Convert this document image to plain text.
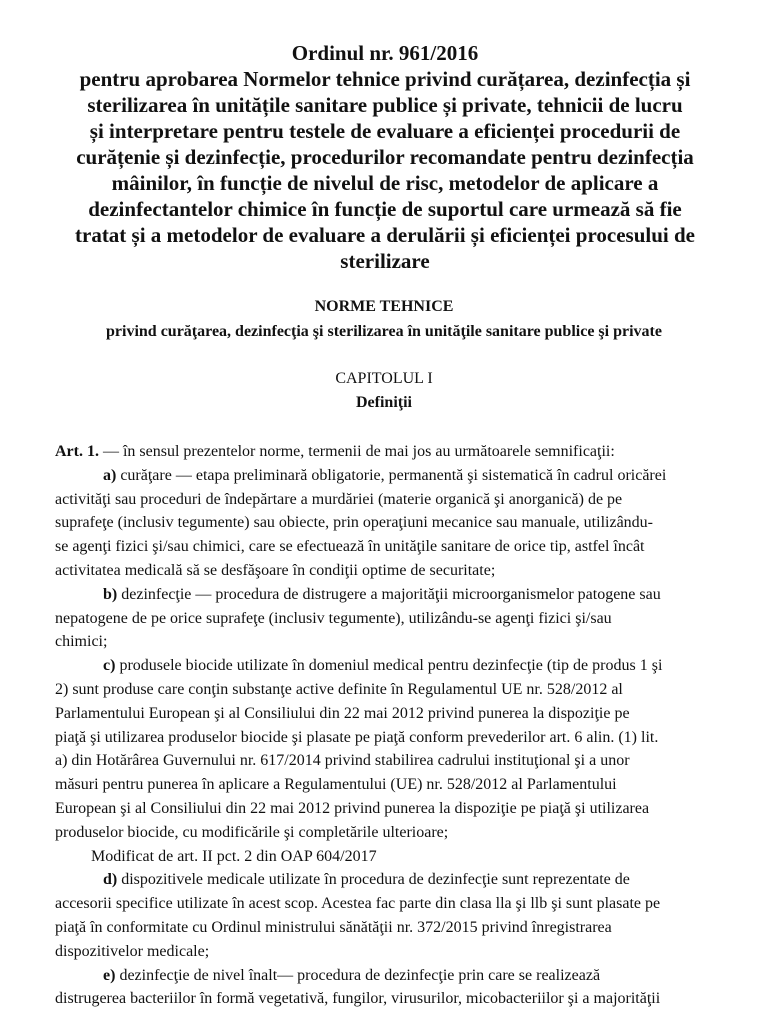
Ordinul nr. 961/2016
pentru aprobarea Normelor tehnice privind curățarea, dezinfecția și
sterilizarea în unitățile sanitare publice și private, tehnicii de lucru
și interpretare pentru testele de evaluare a eficienței procedurii de
curățenie și dezinfecție, procedurilor recomandate pentru dezinfecția
mâinilor, în funcție de nivelul de risc, metodelor de aplicare a
dezinfectantelor chimice în funcție de suportul care urmează să fie
tratat și a metodelor de evaluare a derulării și eficienței procesului de
sterilizare
NORME TEHNICE
privind curăţarea, dezinfecţia şi sterilizarea în unităţile sanitare publice şi private
CAPITOLUL I
Definiţii
Art. 1. — în sensul prezentelor norme, termenii de mai jos au următoarele semnificaţii:
a) curăţare — etapa preliminară obligatorie, permanentă şi sistematică în cadrul oricărei
activităţi sau proceduri de îndepărtare a murdăriei (materie organică şi anorganică) de pe
suprafeţe (inclusiv tegumente) sau obiecte, prin operaţiuni mecanice sau manuale, utilizându-
se agenţi fizici şi/sau chimici, care se efectuează în unităţile sanitare de orice tip, astfel încât
activitatea medicală să se desfăşoare în condiţii optime de securitate;
b) dezinfecţie — procedura de distrugere a majorităţii microorganismelor patogene sau
nepatogene de pe orice suprafeţe (inclusiv tegumente), utilizându-se agenţi fizici şi/sau
chimici;
c) produsele biocide utilizate în domeniul medical pentru dezinfecţie (tip de produs 1 şi
2) sunt produse care conţin substanţe active definite în Regulamentul UE nr. 528/2012 al
Parlamentului European şi al Consiliului din 22 mai 2012 privind punerea la dispoziţie pe
piaţă şi utilizarea produselor biocide şi plasate pe piaţă conform prevederilor art. 6 alin. (1) lit.
a) din Hotărârea Guvernului nr. 617/2014 privind stabilirea cadrului instituţional şi a unor
măsuri pentru punerea în aplicare a Regulamentului (UE) nr. 528/2012 al Parlamentului
European şi al Consiliului din 22 mai 2012 privind punerea la dispoziţie pe piaţă şi utilizarea
produselor biocide, cu modificările şi completările ulterioare;
Modificat de art. II pct. 2 din OAP 604/2017
d) dispozitivele medicale utilizate în procedura de dezinfecţie sunt reprezentate de
accesorii specifice utilizate în acest scop. Acestea fac parte din clasa lla şi llb şi sunt plasate pe
piaţă în conformitate cu Ordinul ministrului sănătăţii nr. 372/2015 privind înregistrarea
dispozitivelor medicale;
e) dezinfecţie de nivel înalt— procedura de dezinfecţie prin care se realizează
distrugerea bacteriilor în formă vegetativă, fungilor, virusurilor, micobacteriilor şi a majorităţii
